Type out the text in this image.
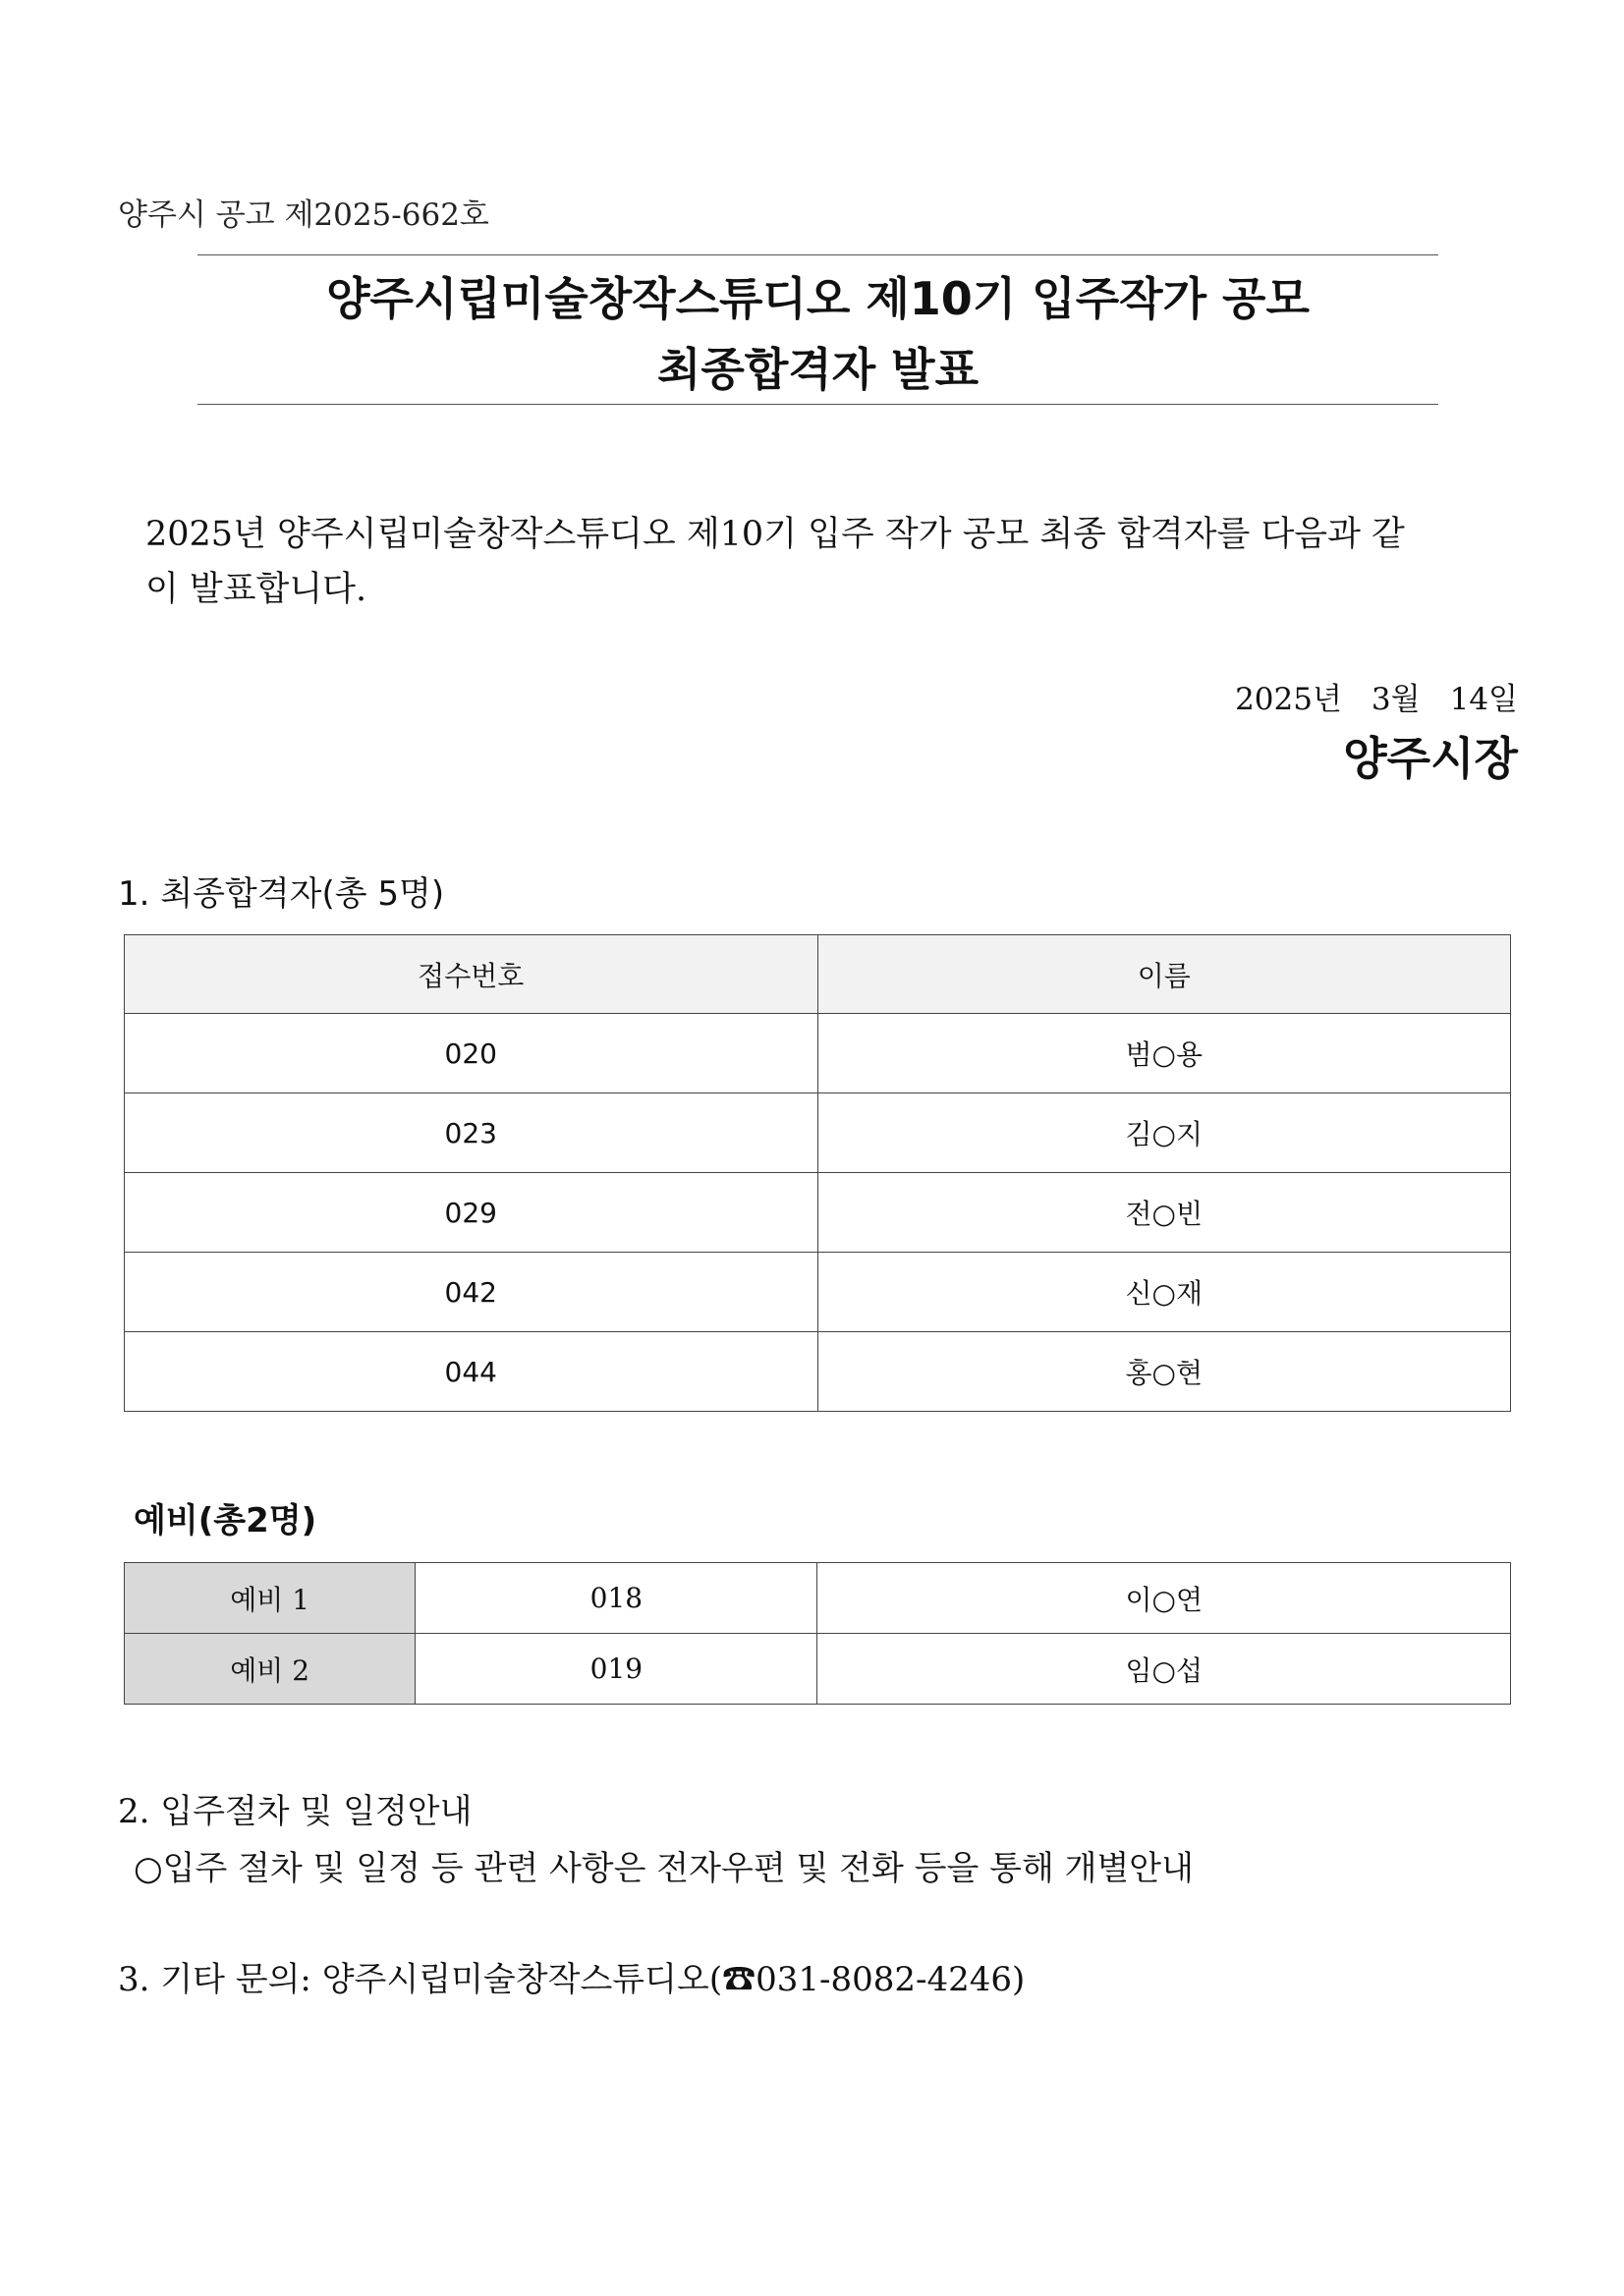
양주시 공고 제2025-662호
양주시립미술창작스튜디오 제10기 입주작가 공모
최종합격자 발표
2025년 양주시립미술창작스튜디오 제10기 입주 작가 공모 최종 합격자를 다음과 같
이 발표합니다.
2025년 3월 14일
양주시장
1. 최종합격자(총 5명)
접수번호	이름
020	범○용
023	김○지
029	전○빈
042	신○재
044	홍○현
예비(총2명)
예비 1	018	이○연
예비 2	019	임○섭
2. 입주절차 및 일정안내
○입주 절차 및 일정 등 관련 사항은 전자우편 및 전화 등을 통해 개별안내
3. 기타 문의: 양주시립미술창작스튜디오(☎031-8082-4246)
